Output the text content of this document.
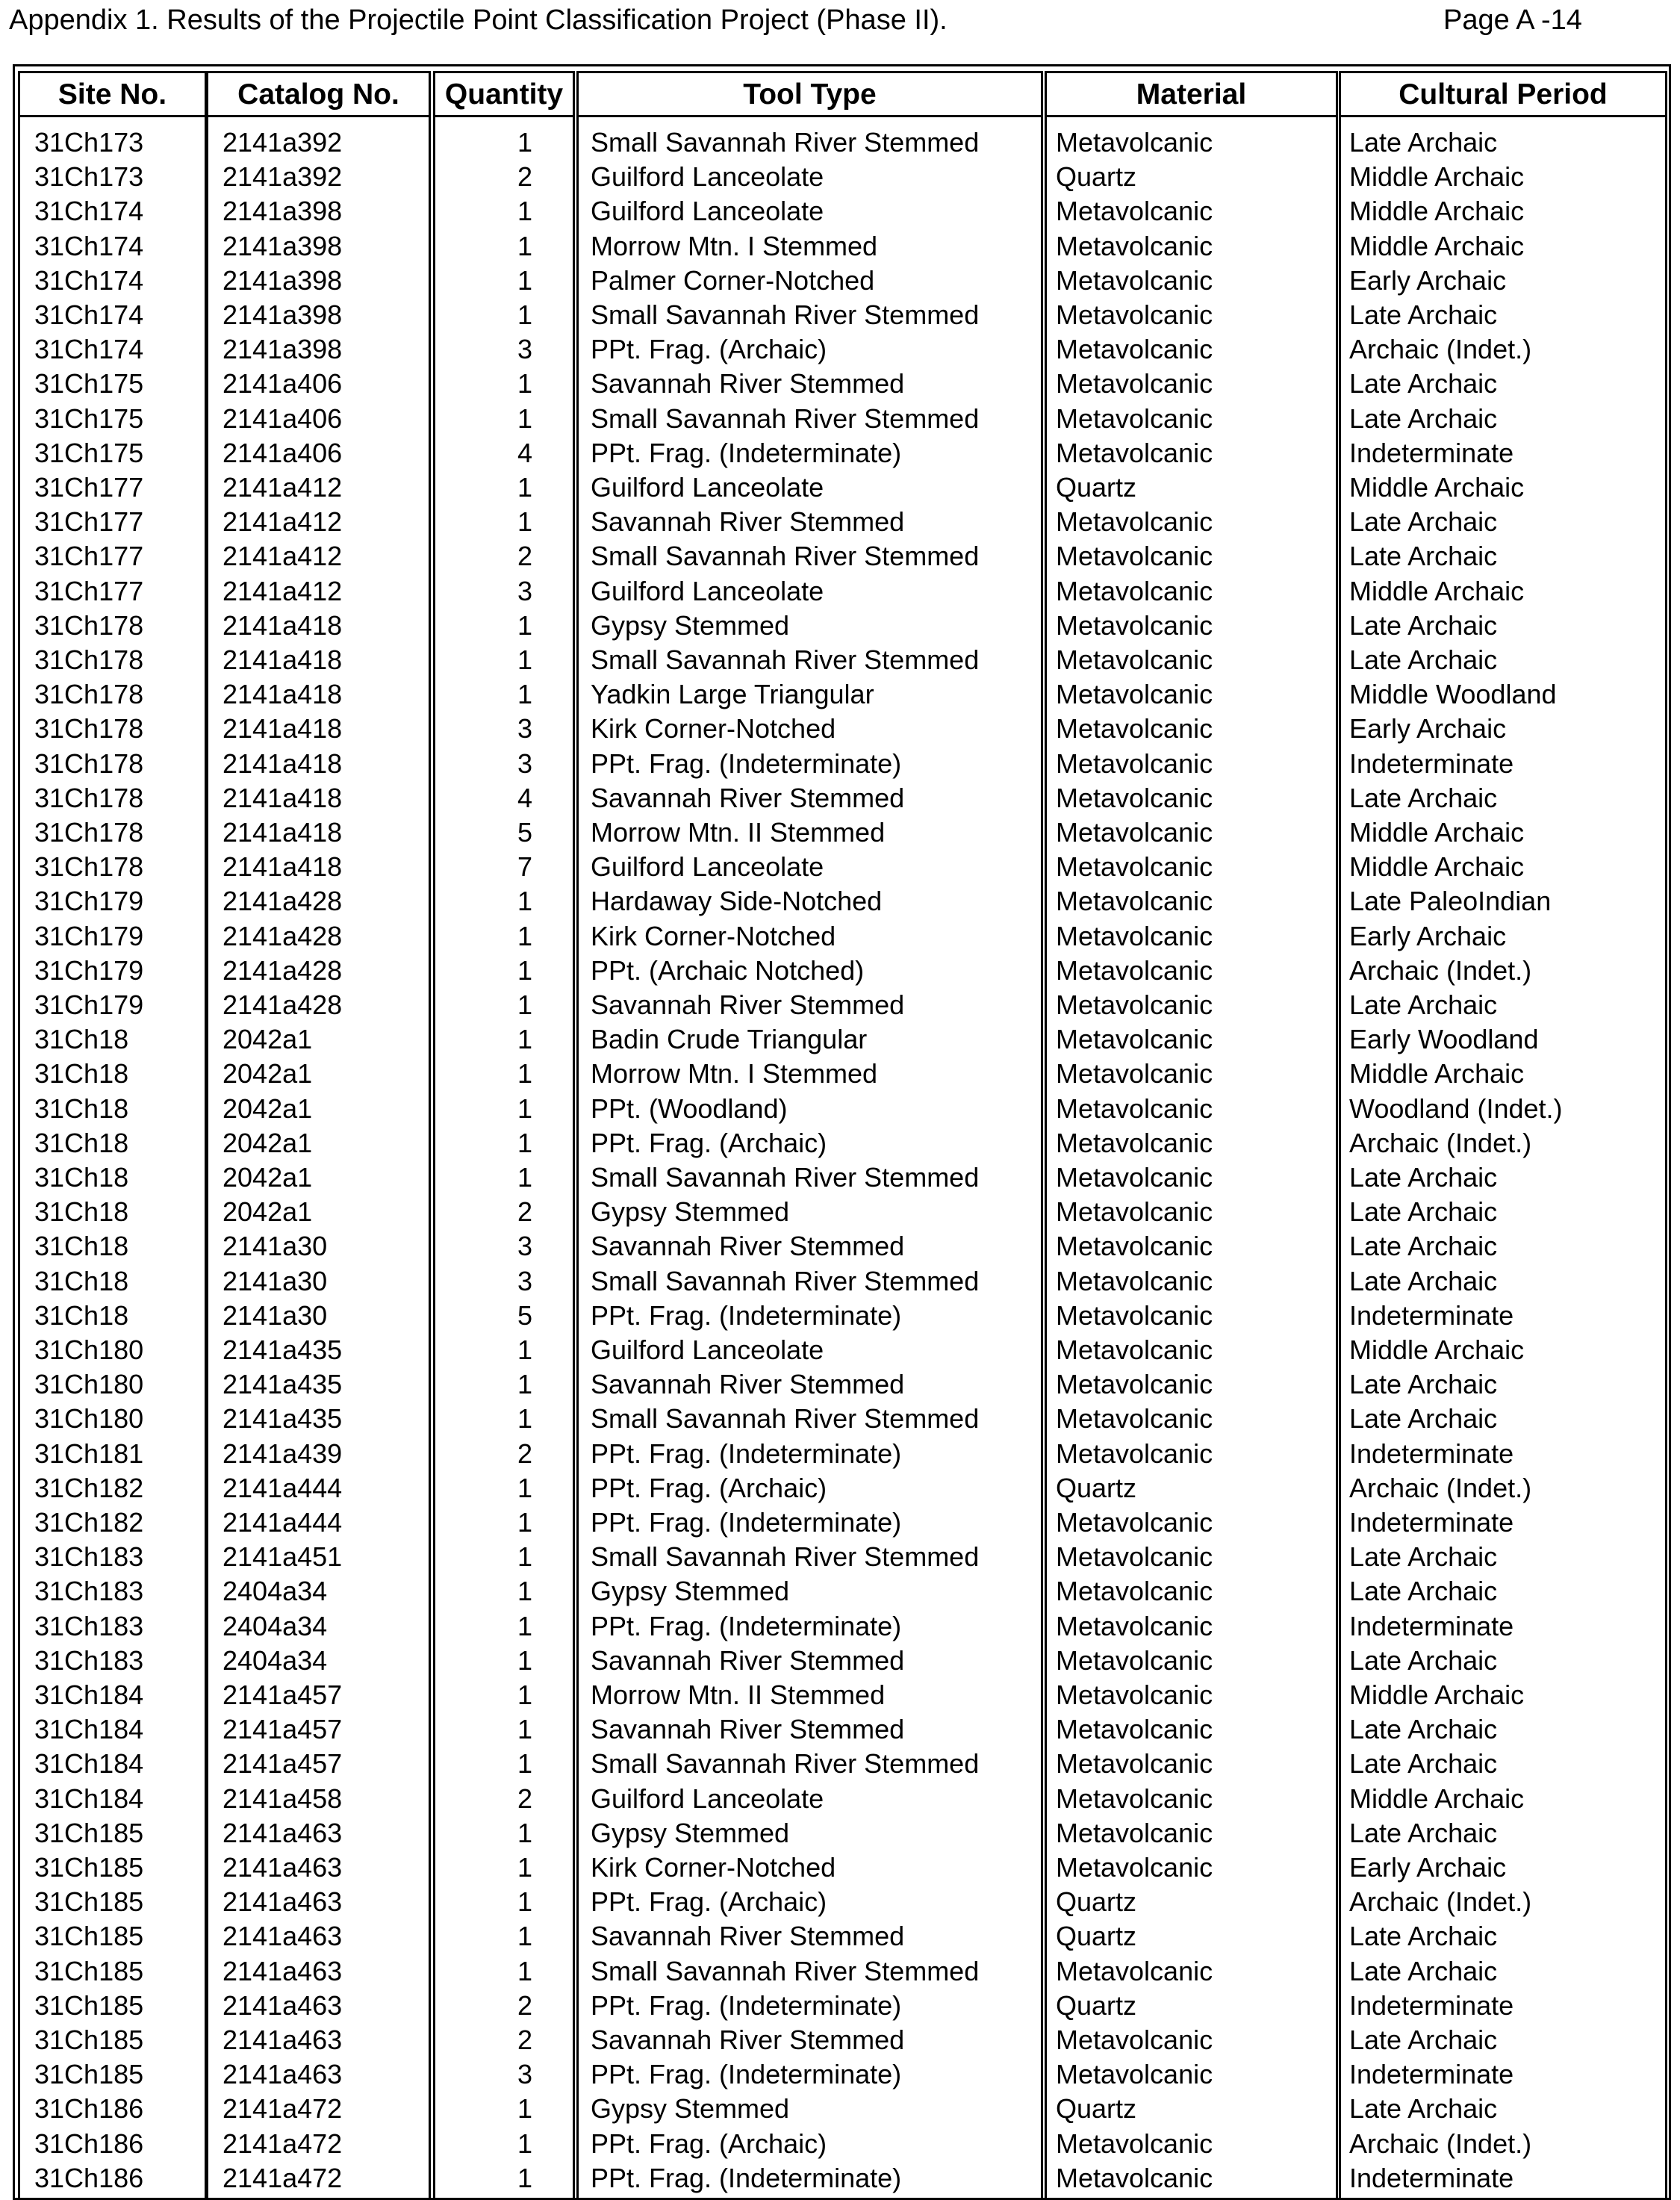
Appendix 1. Results of the Projectile Point Classification Project (Phase II).	Page A -14
Site No.	Catalog No.	Quantity	Tool Type	Material	Cultural Period
31Ch173	2141a392	1 Small Savannah River Stemmed	Metavolcanic	Late Archaic
31Ch173	2141a392	2 Guilford Lanceolate	Quartz	Middle Archaic
31Ch174	2141a398	1 Guilford Lanceolate	Metavolcanic	Middle Archaic
31Ch174	2141a398	1 Morrow Mtn. I Stemmed	Metavolcanic	Middle Archaic
31Ch174	2141a398	1 Palmer Corner-Notched	Metavolcanic	Early Archaic
31Ch174	2141a398	1 Small Savannah River Stemmed	Metavolcanic	Late Archaic
31Ch174	2141a398	3 PPt. Frag. (Archaic)	Metavolcanic	Archaic (Indet.)
31Ch175	2141a406	1 Savannah River Stemmed	Metavolcanic	Late Archaic
31Ch175	2141a406	1 Small Savannah River Stemmed	Metavolcanic	Late Archaic
31Ch175	2141a406	4 PPt. Frag. (Indeterminate)	Metavolcanic	Indeterminate
31Ch177	2141a412	1 Guilford Lanceolate	Quartz	Middle Archaic
31Ch177	2141a412	1 Savannah River Stemmed	Metavolcanic	Late Archaic
31Ch177	2141a412	2 Small Savannah River Stemmed	Metavolcanic	Late Archaic
31Ch177	2141a412	3 Guilford Lanceolate	Metavolcanic	Middle Archaic
31Ch178	2141a418	1 Gypsy Stemmed	Metavolcanic	Late Archaic
31Ch178	2141a418	1 Small Savannah River Stemmed	Metavolcanic	Late Archaic
31Ch178	2141a418	1 Yadkin Large Triangular	Metavolcanic	Middle Woodland
31Ch178	2141a418	3 Kirk Corner-Notched	Metavolcanic	Early Archaic
31Ch178	2141a418	3 PPt. Frag. (Indeterminate)	Metavolcanic	Indeterminate
31Ch178	2141a418	4 Savannah River Stemmed	Metavolcanic	Late Archaic
31Ch178	2141a418	5 Morrow Mtn. II Stemmed	Metavolcanic	Middle Archaic
31Ch178	2141a418	7 Guilford Lanceolate	Metavolcanic	Middle Archaic
31Ch179	2141a428	1 Hardaway Side-Notched	Metavolcanic	Late PaleoIndian
31Ch179	2141a428	1 Kirk Corner-Notched	Metavolcanic	Early Archaic
31Ch179	2141a428	1 PPt. (Archaic Notched)	Metavolcanic	Archaic (Indet.)
31Ch179	2141a428	1 Savannah River Stemmed	Metavolcanic	Late Archaic
31Ch18	2042a1	1 Badin Crude Triangular	Metavolcanic	Early Woodland
31Ch18	2042a1	1 Morrow Mtn. I Stemmed	Metavolcanic	Middle Archaic
31Ch18	2042a1	1 PPt. (Woodland)	Metavolcanic	Woodland (Indet.)
31Ch18	2042a1	1 PPt. Frag. (Archaic)	Metavolcanic	Archaic (Indet.)
31Ch18	2042a1	1 Small Savannah River Stemmed	Metavolcanic	Late Archaic
31Ch18	2042a1	2 Gypsy Stemmed	Metavolcanic	Late Archaic
31Ch18	2141a30	3 Savannah River Stemmed	Metavolcanic	Late Archaic
31Ch18	2141a30	3 Small Savannah River Stemmed	Metavolcanic	Late Archaic
31Ch18	2141a30	5 PPt. Frag. (Indeterminate)	Metavolcanic	Indeterminate
31Ch180	2141a435	1 Guilford Lanceolate	Metavolcanic	Middle Archaic
31Ch180	2141a435	1 Savannah River Stemmed	Metavolcanic	Late Archaic
31Ch180	2141a435	1 Small Savannah River Stemmed	Metavolcanic	Late Archaic
31Ch181	2141a439	2 PPt. Frag. (Indeterminate)	Metavolcanic	Indeterminate
31Ch182	2141a444	1 PPt. Frag. (Archaic)	Quartz	Archaic (Indet.)
31Ch182	2141a444	1 PPt. Frag. (Indeterminate)	Metavolcanic	Indeterminate
31Ch183	2141a451	1 Small Savannah River Stemmed	Metavolcanic	Late Archaic
31Ch183	2404a34	1 Gypsy Stemmed	Metavolcanic	Late Archaic
31Ch183	2404a34	1 PPt. Frag. (Indeterminate)	Metavolcanic	Indeterminate
31Ch183	2404a34	1 Savannah River Stemmed	Metavolcanic	Late Archaic
31Ch184	2141a457	1 Morrow Mtn. II Stemmed	Metavolcanic	Middle Archaic
31Ch184	2141a457	1 Savannah River Stemmed	Metavolcanic	Late Archaic
31Ch184	2141a457	1 Small Savannah River Stemmed	Metavolcanic	Late Archaic
31Ch184	2141a458	2 Guilford Lanceolate	Metavolcanic	Middle Archaic
31Ch185	2141a463	1 Gypsy Stemmed	Metavolcanic	Late Archaic
31Ch185	2141a463	1 Kirk Corner-Notched	Metavolcanic	Early Archaic
31Ch185	2141a463	1 PPt. Frag. (Archaic)	Quartz	Archaic (Indet.)
31Ch185	2141a463	1 Savannah River Stemmed	Quartz	Late Archaic
31Ch185	2141a463	1 Small Savannah River Stemmed	Metavolcanic	Late Archaic
31Ch185	2141a463	2 PPt. Frag. (Indeterminate)	Quartz	Indeterminate
31Ch185	2141a463	2 Savannah River Stemmed	Metavolcanic	Late Archaic
31Ch185	2141a463	3 PPt. Frag. (Indeterminate)	Metavolcanic	Indeterminate
31Ch186	2141a472	1 Gypsy Stemmed	Quartz	Late Archaic
31Ch186	2141a472	1 PPt. Frag. (Archaic)	Metavolcanic	Archaic (Indet.)
31Ch186	2141a472	1 PPt. Frag. (Indeterminate)	Metavolcanic	Indeterminate
